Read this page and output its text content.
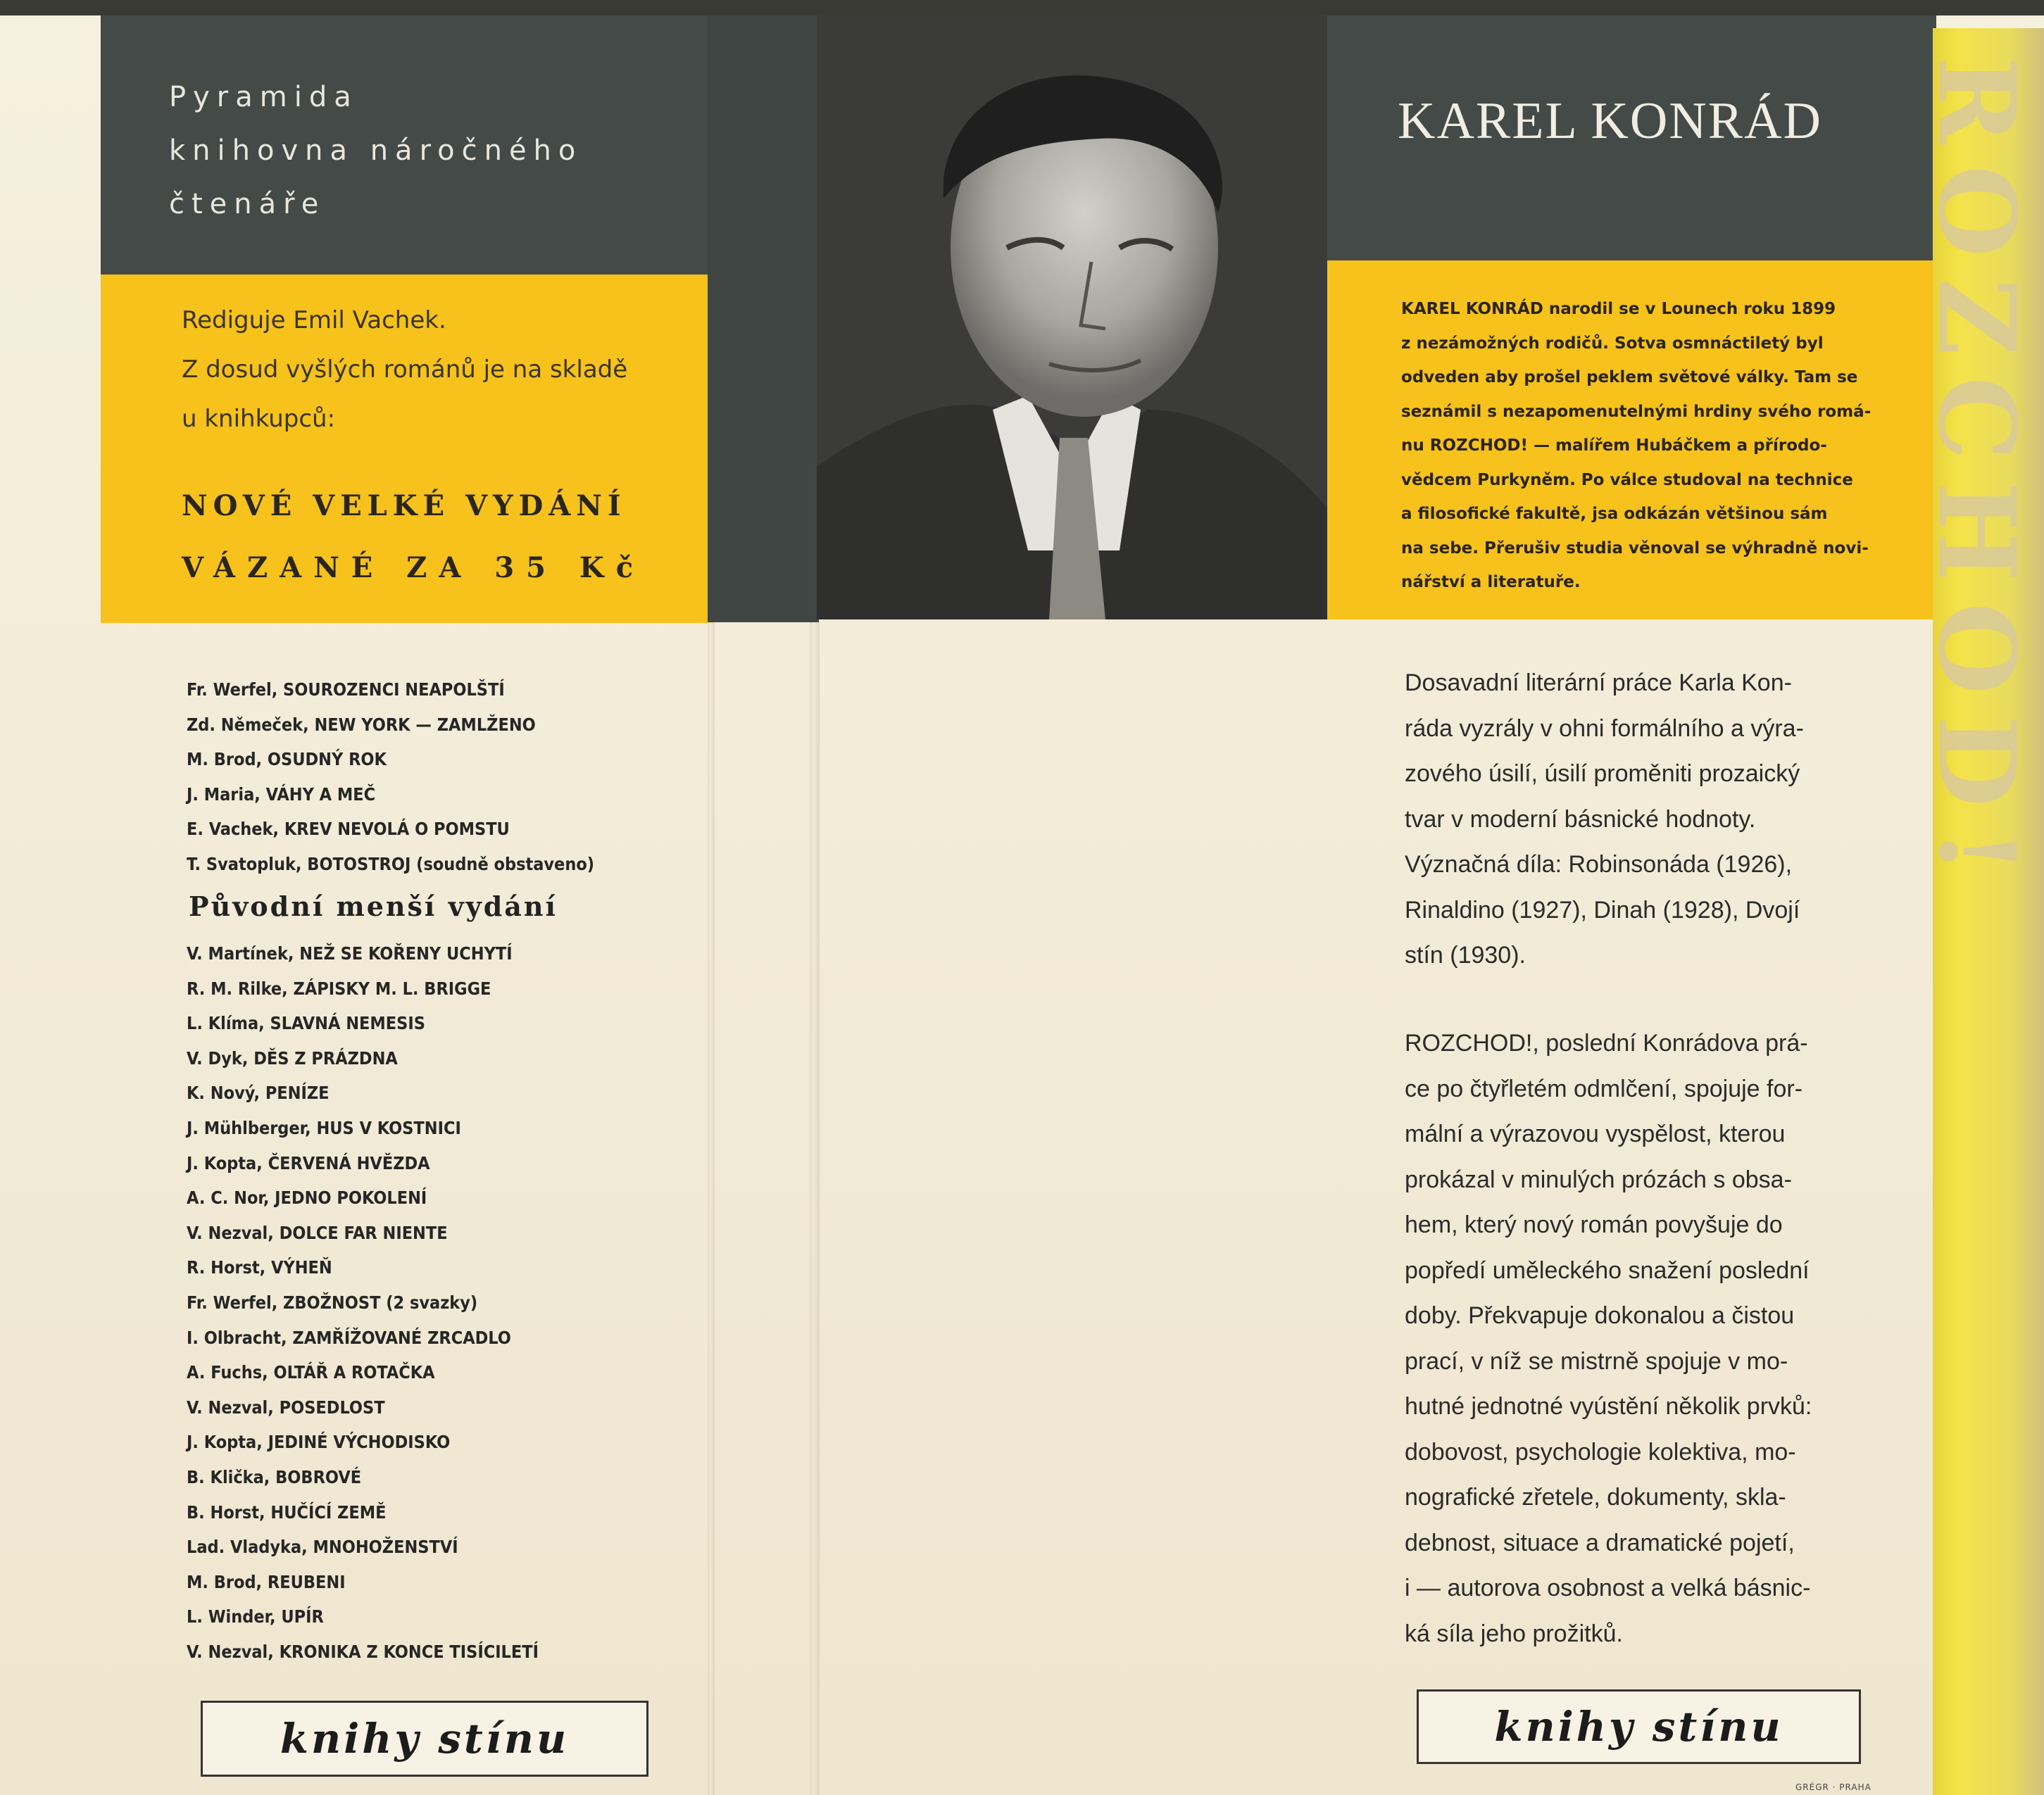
Pyramida
knihovna náročného
čtenáře
Rediguje Emil Vachek.
Z dosud vyšlých románů je na skladě
u knihkupců:
NOVÉ VELKÉ VYDÁNÍ
VÁZANÉ ZA 35 Kč
Fr. Werfel, SOUROZENCI NEAPOLŠTÍ
Zd. Němeček, NEW YORK — ZAMLŽENO
M. Brod, OSUDNÝ ROK
J. Maria, VÁHY A MEČ
E. Vachek, KREV NEVOLÁ O POMSTU
T. Svatopluk, BOTOSTROJ (soudně obstaveno)
Původní menší vydání
V. Martínek, NEŽ SE KOŘENY UCHYTÍ
R. M. Rilke, ZÁPISKY M. L. BRIGGE
L. Klíma, SLAVNÁ NEMESIS
V. Dyk, DĚS Z PRÁZDNA
K. Nový, PENÍZE
J. Mühlberger, HUS V KOSTNICI
J. Kopta, ČERVENÁ HVĚZDA
A. C. Nor, JEDNO POKOLENÍ
V. Nezval, DOLCE FAR NIENTE
R. Horst, VÝHEŇ
Fr. Werfel, ZBOŽNOST (2 svazky)
I. Olbracht, ZAMŘÍŽOVANÉ ZRCADLO
A. Fuchs, OLTÁŘ A ROTAČKA
V. Nezval, POSEDLOST
J. Kopta, JEDINÉ VÝCHODISKO
B. Klička, BOBROVÉ
B. Horst, HUČÍCÍ ZEMĚ
Lad. Vladyka, MNOHOŽENSTVÍ
M. Brod, REUBENI
L. Winder, UPÍR
V. Nezval, KRONIKA Z KONCE TISÍCILETÍ
knihy stínu
KAREL KONRÁD
KAREL KONRÁD narodil se v Lounech roku 1899
z nezámožných rodičů. Sotva osmnáctiletý byl
odveden aby prošel peklem světové války. Tam se
seznámil s nezapomenutelnými hrdiny svého romá-
nu ROZCHOD! — malířem Hubáčkem a přírodo-
vědcem Purkyněm. Po válce studoval na technice
a filosofické fakultě, jsa odkázán většinou sám
na sebe. Přerušiv studia věnoval se výhradně novi-
nářství a literatuře.
Dosavadní literární práce Karla Kon-
ráda vyzrály v ohni formálního a výra-
zového úsilí, úsilí proměniti prozaický
tvar v moderní básnické hodnoty.
Význačná díla: Robinsonáda (1926),
Rinaldino (1927), Dinah (1928), Dvojí
stín (1930).
ROZCHOD!, poslední Konrádova prá-
ce po čtyřletém odmlčení, spojuje for-
mální a výrazovou vyspělost, kterou
prokázal v minulých prózách s obsa-
hem, který nový román povyšuje do
popředí uměleckého snažení poslední
doby. Překvapuje dokonalou a čistou
prací, v níž se mistrně spojuje v mo-
hutné jednotné vyústění několik prvků:
dobovost, psychologie kolektiva, mo-
nografické zřetele, dokumenty, skla-
debnost, situace a dramatické pojetí,
i — autorova osobnost a velká básnic-
ká síla jeho prožitků.
knihy stínu
GRÉGR · PRAHA
ROZCHOD!
